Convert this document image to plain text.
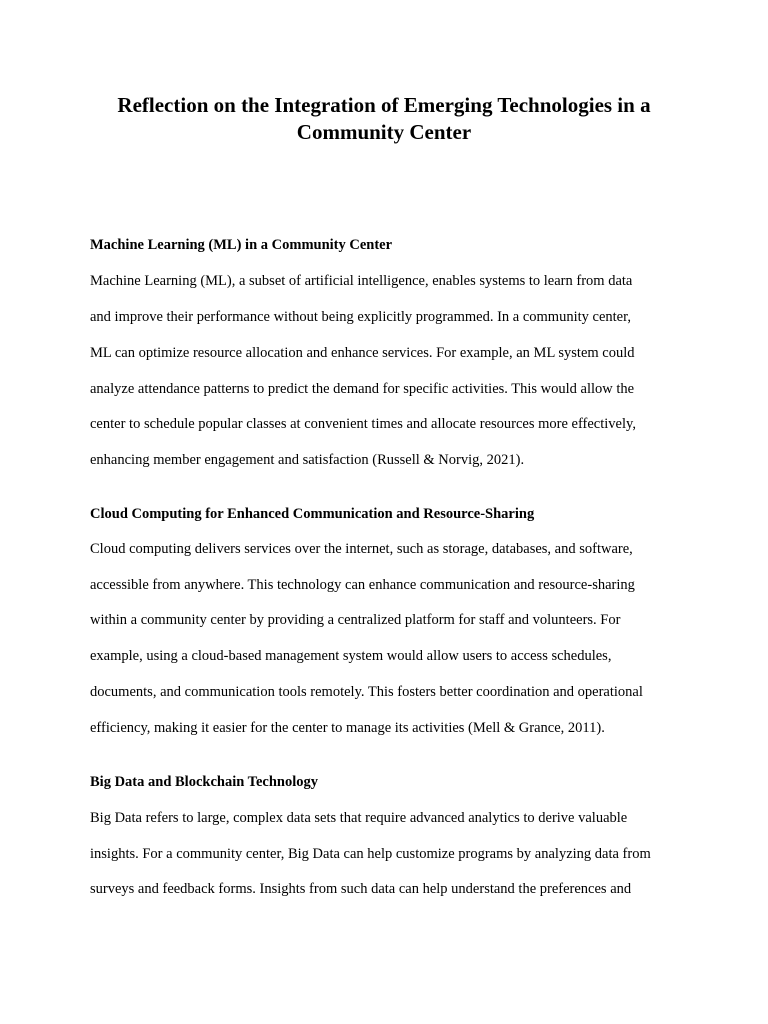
Reflection on the Integration of Emerging Technologies in a
Community Center
Machine Learning (ML) in a Community Center

Machine Learning (ML), a subset of artificial intelligence, enables systems to learn from data

and improve their performance without being explicitly programmed. In a community center,

ML can optimize resource allocation and enhance services. For example, an ML system could

analyze attendance patterns to predict the demand for specific activities. This would allow the

center to schedule popular classes at convenient times and allocate resources more effectively,

enhancing member engagement and satisfaction (Russell & Norvig, 2021).

Cloud Computing for Enhanced Communication and Resource-Sharing

Cloud computing delivers services over the internet, such as storage, databases, and software,

accessible from anywhere. This technology can enhance communication and resource-sharing

within a community center by providing a centralized platform for staff and volunteers. For

example, using a cloud-based management system would allow users to access schedules,

documents, and communication tools remotely. This fosters better coordination and operational

efficiency, making it easier for the center to manage its activities (Mell & Grance, 2011).

Big Data and Blockchain Technology

Big Data refers to large, complex data sets that require advanced analytics to derive valuable

insights. For a community center, Big Data can help customize programs by analyzing data from

surveys and feedback forms. Insights from such data can help understand the preferences and
